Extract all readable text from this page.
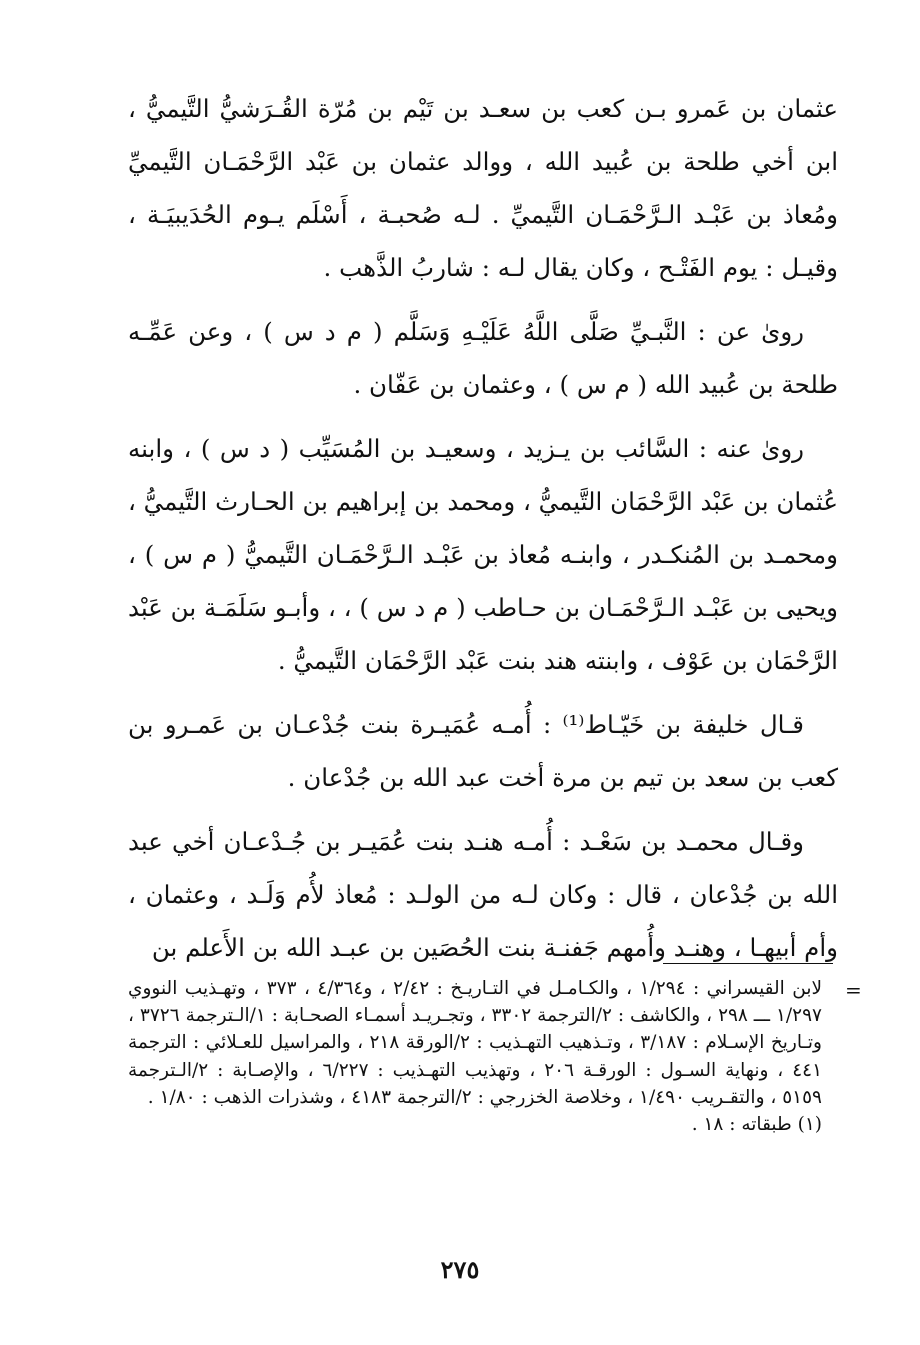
عثمان بن عَمرو بـن كعب بن سعـد بن تَيْم بن مُرّة القُـرَشيُّ التَّيميُّ ، ابن أخي طلحة بن عُبيد الله ، ووالد عثمان بن عَبْد الرَّحْمَـان التَّيميِّ ومُعاذ بن عَبْـد الـرَّحْمَـان التَّيميِّ . لـه صُحبـة ، أَسْلَم يـوم الحُدَيبيَـة ، وقيـل : يوم الفَتْـح ، وكان يقال لـه : شاربُ الذَّهب .

روىٰ عن : النَّبـيِّ صَلَّى اللَّهُ عَلَيْـهِ وَسَلَّم ( م د س ) ، وعن عَمِّـه طلحة بن عُبيد الله ( م س ) ، وعثمان بن عَفّان .

روىٰ عنه : السَّائب بن يـزيد ، وسعيـد بن المُسَيِّب ( د س ) ، وابنه عُثمان بن عَبْد الرَّحْمَان التَّيميُّ ، ومحمد بن إبراهيم بن الحـارث التَّيميُّ ، ومحمـد بن المُنكـدر ، وابنـه مُعاذ بن عَبْـد الـرَّحْمَـان التَّيميُّ ( م س ) ، ويحيى بن عَبْـد الـرَّحْمَـان بن حـاطب ( م د س ) ، ، وأبـو سَلَمَـة بن عَبْد الرَّحْمَان بن عَوْف ، وابنته هند بنت عَبْد الرَّحْمَان التَّيميُّ .

قـال خليفة بن خَيّـاط⁽¹⁾ : أُمـه عُمَيـرة بنت جُدْعـان بن عَمـرو بن كعب بن سعد بن تيم بن مرة أخت عبد الله بن جُدْعان .

وقـال محمـد بن سَعْـد : أُمـه هنـد بنت عُمَيـر بن جُـدْعـان أخي عبد الله بن جُدْعان ، قال : وكان لـه من الولـد : مُعاذ لأُم وَلَـد ، وعثمان ، وأم أبيهـا ، وهنـد وأُمهم جَفنـة بنت الحُصَين بن عبـد الله بن الأَعلم بن

=

لابن القيسراني : ١/٢٩٤ ، والكـامـل في التـاريـخ : ٢/٤٢ ، و٤/٣٦٤ ، ٣٧٣ ، وتهـذيب النووي ١/٢٩٧ ـــ ٢٩٨ ، والكاشف : ٢/الترجمة ٣٣٠٢ ، وتجـريـد أسمـاء الصحـابة : ١/الـترجمة ٣٧٢٦ ، وتـاريخ الإسـلام : ٣/١٨٧ ، وتـذهيب التهـذيب : ٢/الورقة ٢١٨ ، والمراسيل للعـلائي : الترجمة ٤٤١ ، ونهاية السـول : الورقـة ٢٠٦ ، وتهذيب التهـذيب : ٦/٢٢٧ ، والإصـابة : ٢/الـترجمة ٥١٥٩ ، والتقـريب ١/٤٩٠ ، وخلاصة الخزرجي : ٢/الترجمة ٤١٨٣ ، وشذرات الذهب : ١/٨٠ .

(١) طبقاته : ١٨ .

٢٧٥
